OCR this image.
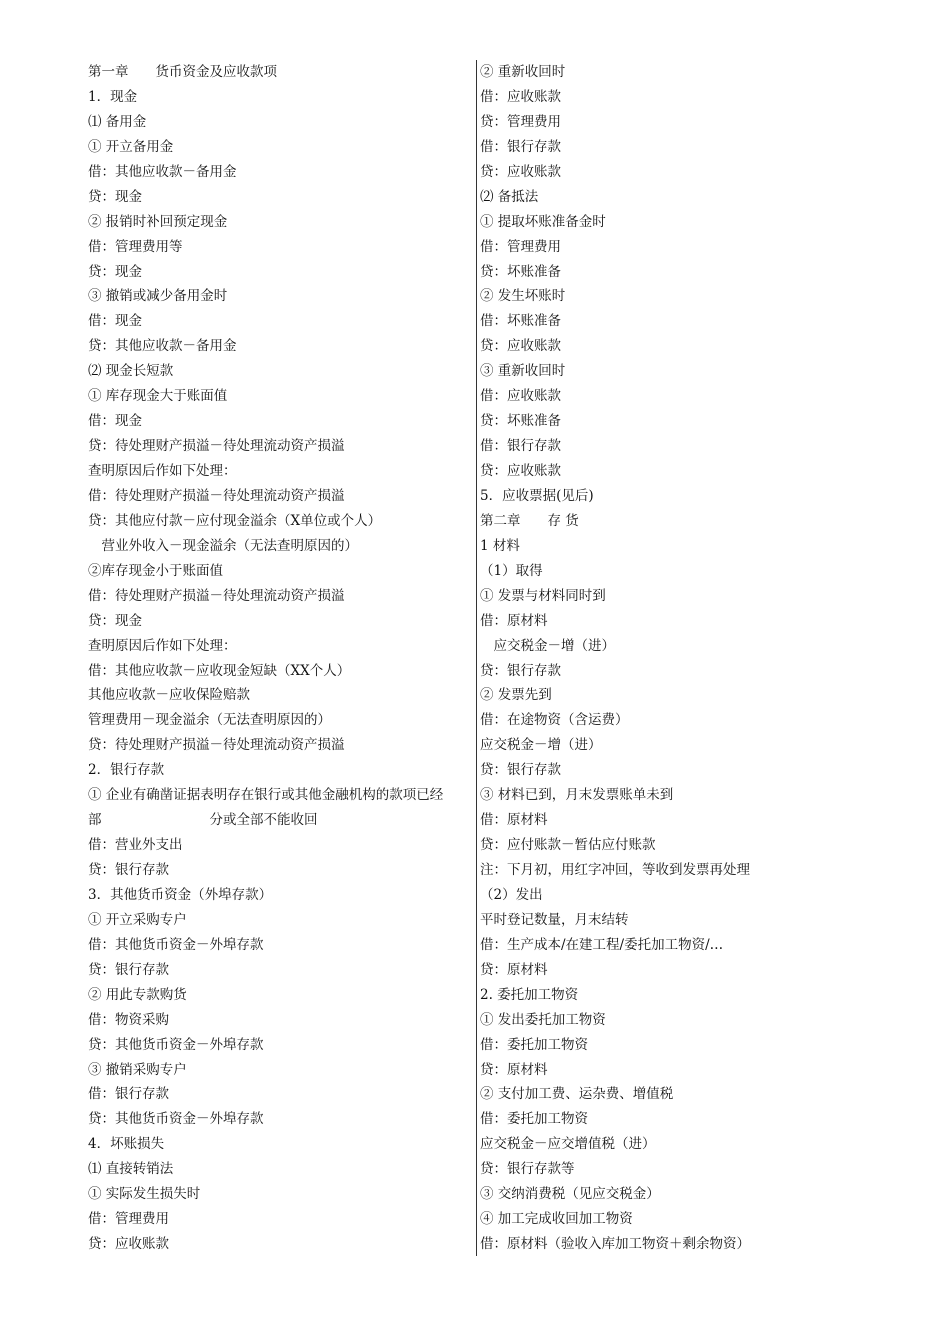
第一章　　货币资金及应收款项
1．现金
⑴ 备用金
① 开立备用金
借：其他应收款－备用金
贷：现金
② 报销时补回预定现金
借：管理费用等
贷：现金
③ 撤销或减少备用金时
借：现金
贷：其他应收款－备用金
⑵ 现金长短款
① 库存现金大于账面值
借：现金
贷：待处理财产损溢－待处理流动资产损溢
查明原因后作如下处理：
借：待处理财产损溢－待处理流动资产损溢
贷：其他应付款－应付现金溢余（X单位或个人）
　营业外收入－现金溢余（无法查明原因的）
②库存现金小于账面值
借：待处理财产损溢－待处理流动资产损溢
贷：现金
查明原因后作如下处理：
借：其他应收款－应收现金短缺（XX个人）
其他应收款－应收保险赔款
管理费用－现金溢余（无法查明原因的）
贷：待处理财产损溢－待处理流动资产损溢
2．银行存款
① 企业有确凿证据表明存在银行或其他金融机构的款项已经
部　　　　　　　　分或全部不能收回
借：营业外支出
贷：银行存款
3．其他货币资金（外埠存款）
① 开立采购专户
借：其他货币资金－外埠存款
贷：银行存款
② 用此专款购货
借：物资采购
贷：其他货币资金－外埠存款
③ 撤销采购专户
借：银行存款
贷：其他货币资金－外埠存款
4．坏账损失
⑴ 直接转销法
① 实际发生损失时
借：管理费用
贷：应收账款
② 重新收回时
借：应收账款
贷：管理费用
借：银行存款
贷：应收账款
⑵ 备抵法
① 提取坏账准备金时
借：管理费用
贷：坏账准备
② 发生坏账时
借：坏账准备
贷：应收账款
③ 重新收回时
借：应收账款
贷：坏账准备
借：银行存款
贷：应收账款
5．应收票据(见后)
第二章　　存 货
1 材料
（1）取得
① 发票与材料同时到
借：原材料
　应交税金－增（进）
贷：银行存款
② 发票先到
借：在途物资（含运费）
应交税金－增（进）
贷：银行存款
③ 材料已到，月末发票账单未到
借：原材料
贷：应付账款－暂估应付账款
注：下月初，用红字冲回，等收到发票再处理
（2）发出
平时登记数量，月末结转
借：生产成本/在建工程/委托加工物资/…
贷：原材料
2. 委托加工物资
① 发出委托加工物资
借：委托加工物资
贷：原材料
② 支付加工费、运杂费、增值税
借：委托加工物资
应交税金－应交增值税（进）
贷：银行存款等
③ 交纳消费税（见应交税金）
④ 加工完成收回加工物资
借：原材料（验收入库加工物资＋剩余物资）
